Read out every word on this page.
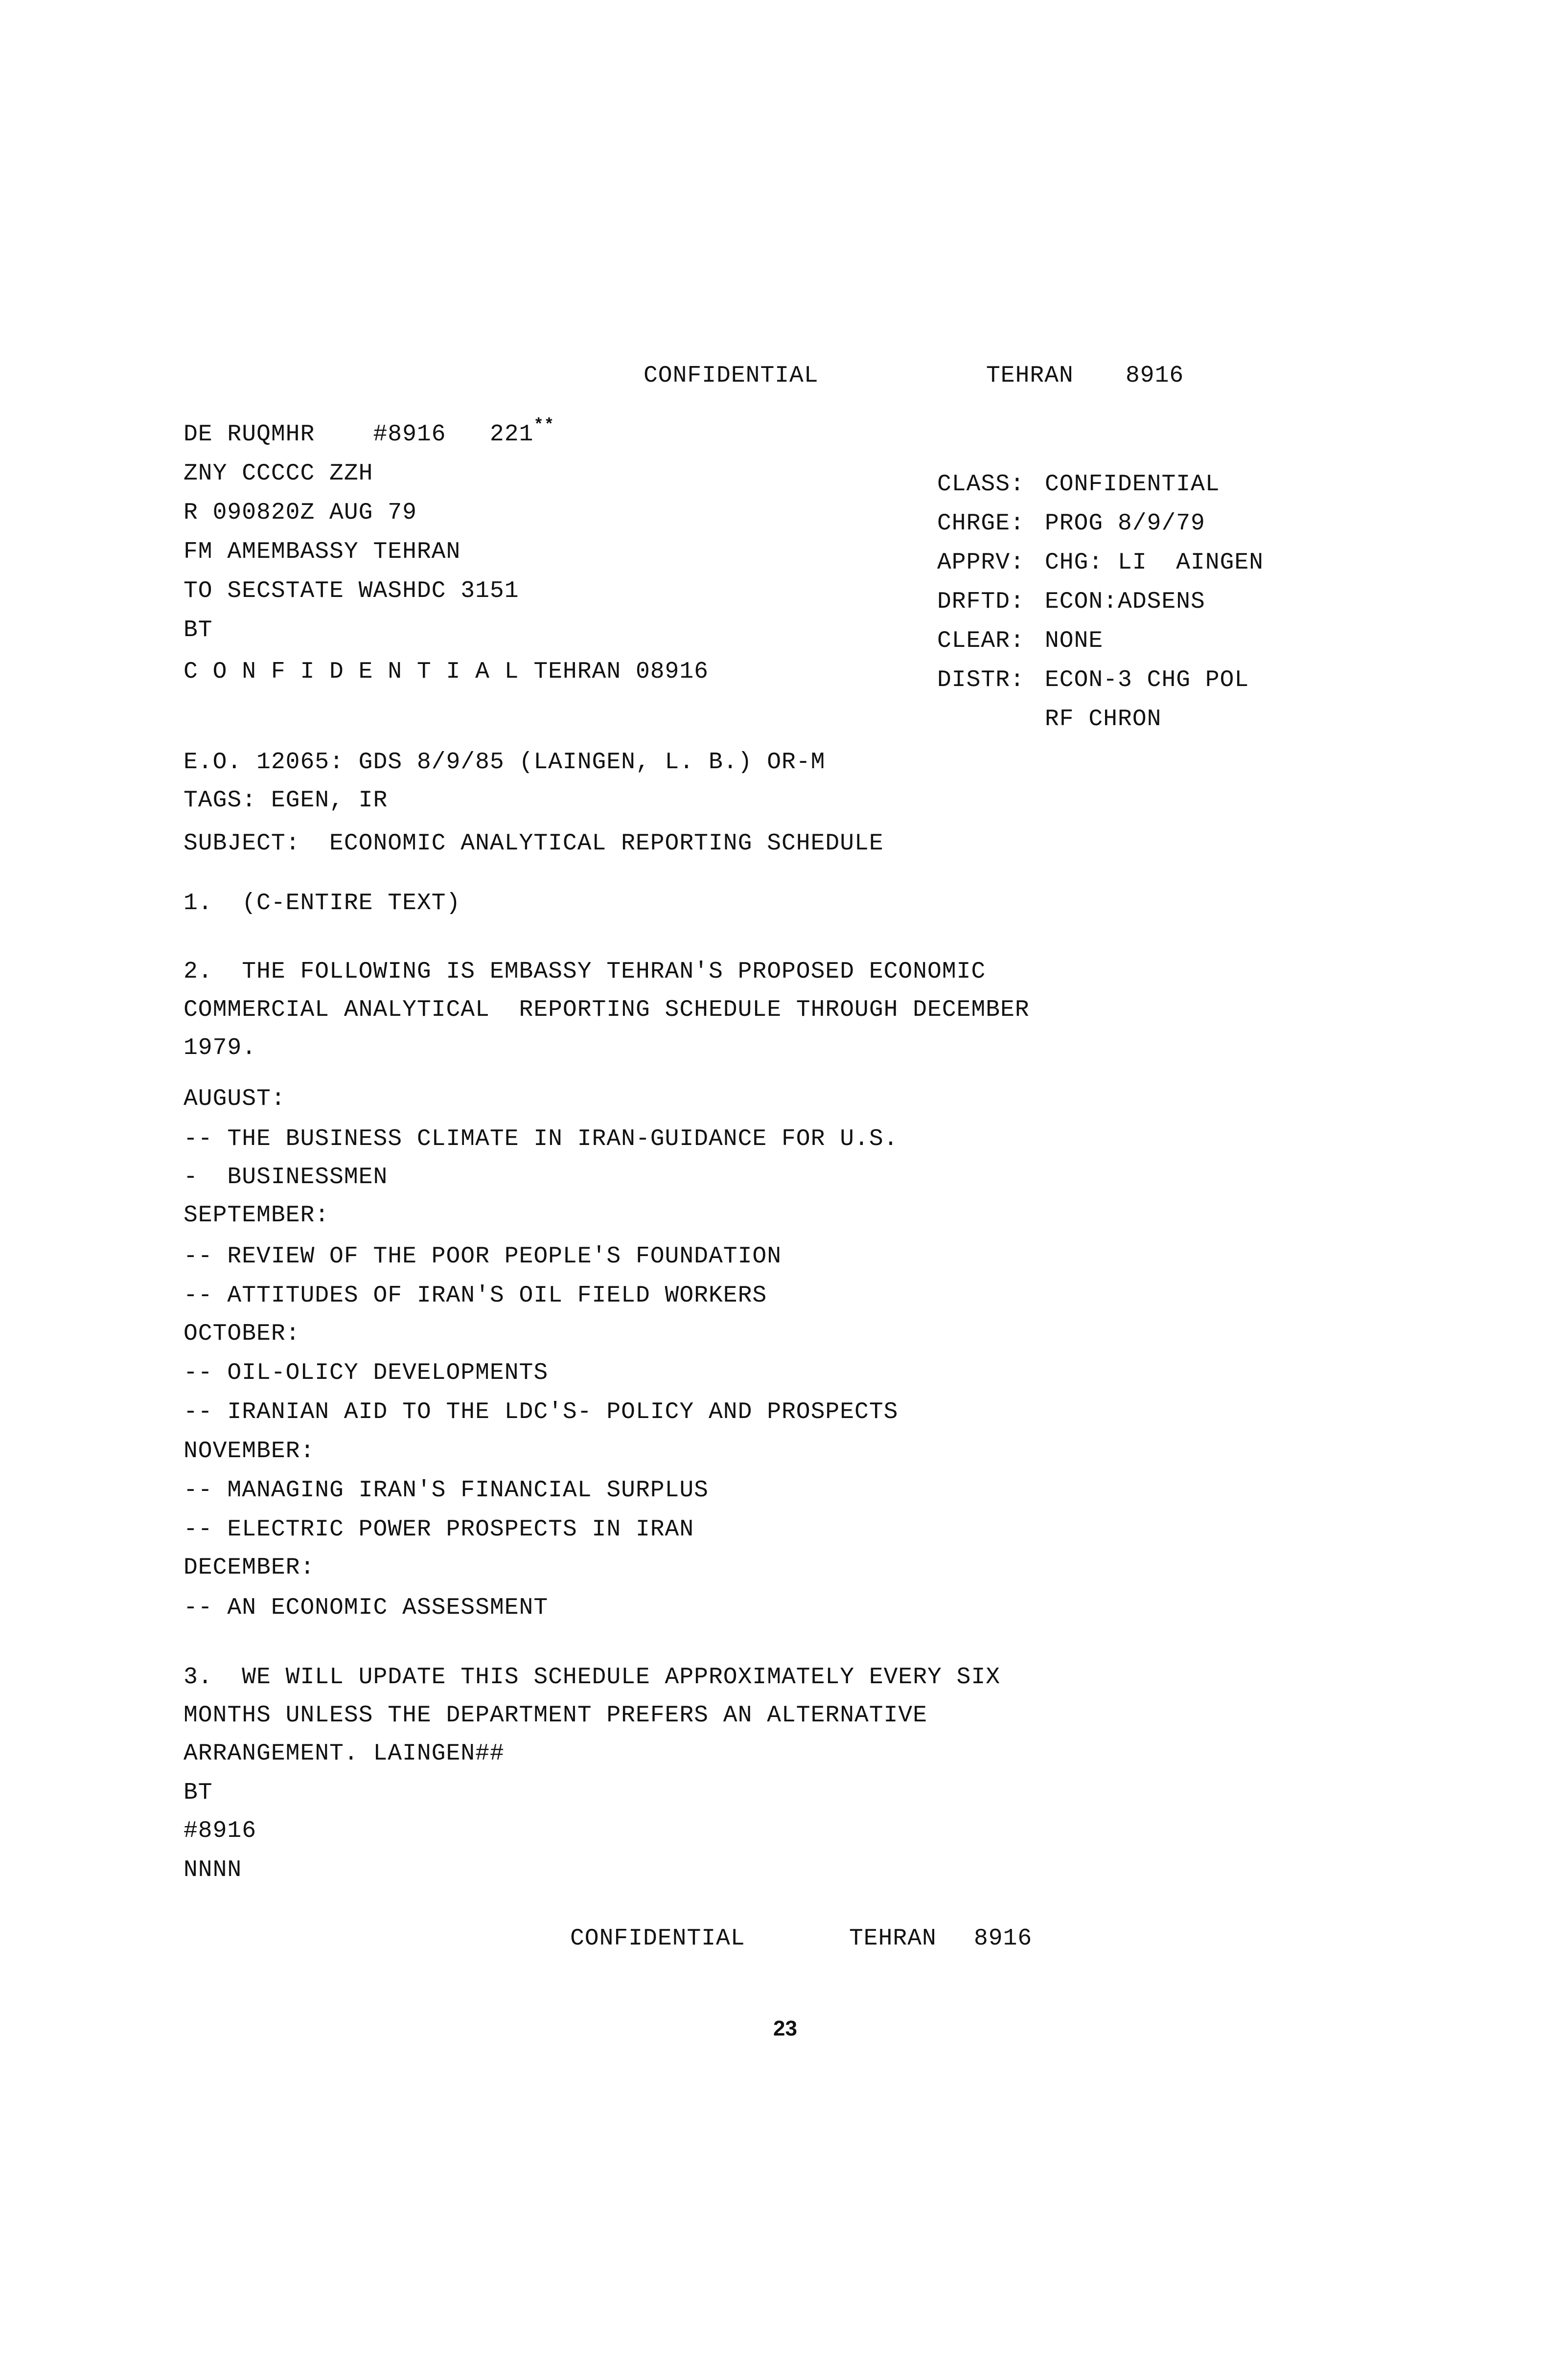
CONFIDENTIAL	TEHRAN 8916
DE RUQMHR    #8916   221**
ZNY CCCCC ZZH
R 090820Z AUG 79
FM AMEMBASSY TEHRAN
TO SECSTATE WASHDC 3151
BT
C O N F I D E N T I A L TEHRAN 08916
CLASS: CONFIDENTIAL
CHRGE: PROG 8/9/79
APPRV: CHG: LI  AINGEN
DRFTD: ECON:ADSENS
CLEAR: NONE
DISTR: ECON-3 CHG POL
RF CHRON
E.O. 12065: GDS 8/9/85 (LAINGEN, L. B.) OR-M
TAGS: EGEN, IR
SUBJECT:  ECONOMIC ANALYTICAL REPORTING SCHEDULE
1.  (C-ENTIRE TEXT)
2.  THE FOLLOWING IS EMBASSY TEHRAN'S PROPOSED ECONOMIC
COMMERCIAL ANALYTICAL  REPORTING SCHEDULE THROUGH DECEMBER
1979.
AUGUST:
-- THE BUSINESS CLIMATE IN IRAN-GUIDANCE FOR U.S.
-  BUSINESSMEN
SEPTEMBER:
-- REVIEW OF THE POOR PEOPLE'S FOUNDATION
-- ATTITUDES OF IRAN'S OIL FIELD WORKERS
OCTOBER:
-- OIL-OLICY DEVELOPMENTS
-- IRANIAN AID TO THE LDC'S- POLICY AND PROSPECTS
NOVEMBER:
-- MANAGING IRAN'S FINANCIAL SURPLUS
-- ELECTRIC POWER PROSPECTS IN IRAN
DECEMBER:
-- AN ECONOMIC ASSESSMENT
3.  WE WILL UPDATE THIS SCHEDULE APPROXIMATELY EVERY SIX
MONTHS UNLESS THE DEPARTMENT PREFERS AN ALTERNATIVE
ARRANGEMENT. LAINGEN##
BT
#8916
NNNN
CONFIDENTIAL	TEHRAN 8916
23
